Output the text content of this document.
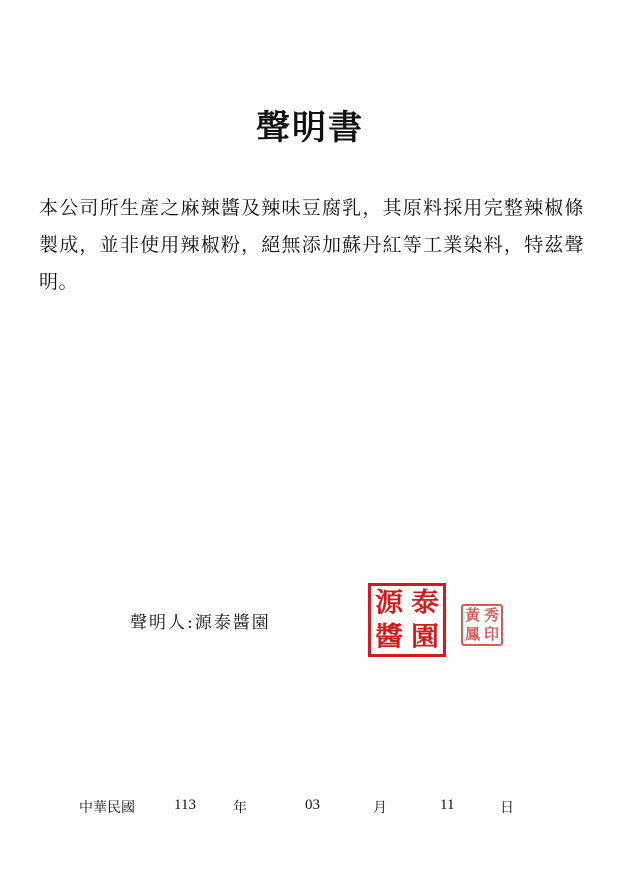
聲明書
本公司所生產之麻辣醬及辣味豆腐乳，其原料採用完整辣椒條製成，並非使用辣椒粉，絕無添加蘇丹紅等工業染料，特茲聲明。
聲明人:源泰醬園
源 泰
醬 園
黃 秀
鳳 印
中華民國	113	年	03	月	11	日
